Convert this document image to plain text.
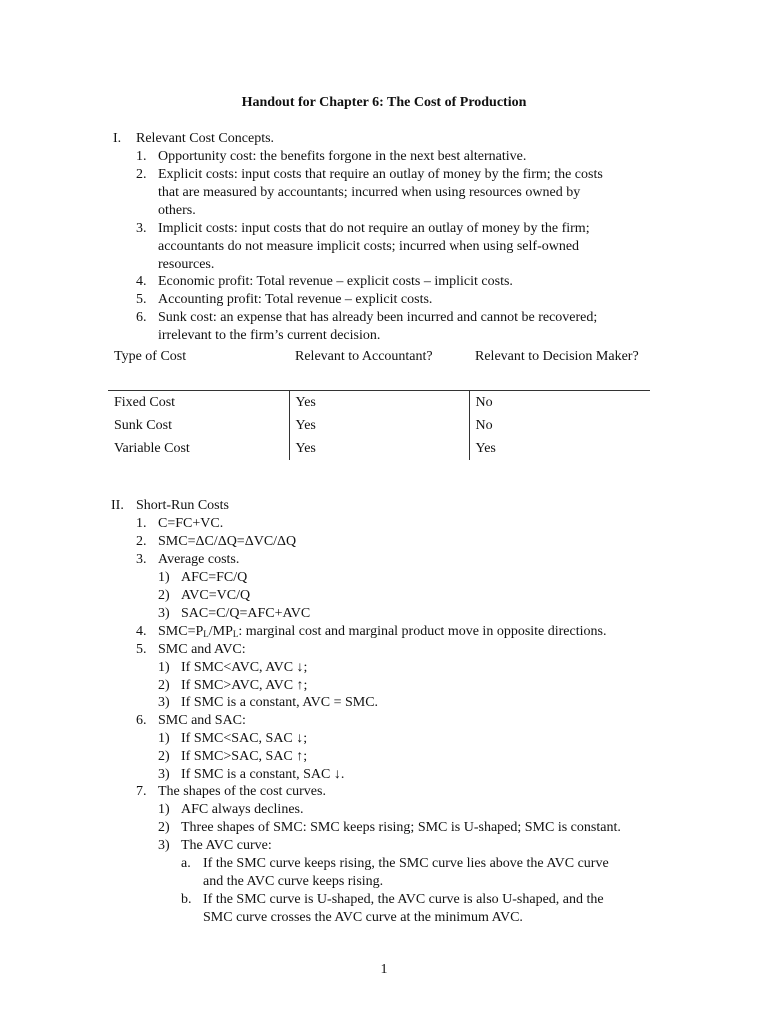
Handout for Chapter 6: The Cost of Production
I. Relevant Cost Concepts.
1. Opportunity cost: the benefits forgone in the next best alternative.
2. Explicit costs: input costs that require an outlay of money by the firm; the costs
that are measured by accountants; incurred when using resources owned by
others.
3. Implicit costs: input costs that do not require an outlay of money by the firm;
accountants do not measure implicit costs; incurred when using self-owned
resources.
4. Economic profit: Total revenue – explicit costs – implicit costs.
5. Accounting profit: Total revenue – explicit costs.
6. Sunk cost: an expense that has already been incurred and cannot be recovered;
irrelevant to the firm’s current decision.
Type of Cost	Relevant to Accountant?	Relevant to Decision Maker?
Fixed Cost	Yes	No
Sunk Cost	Yes	No
Variable Cost	Yes	Yes
II. Short-Run Costs
1. C=FC+VC.
2. SMC=ΔC/ΔQ=ΔVC/ΔQ
3. Average costs.
1) AFC=FC/Q
2) AVC=VC/Q
3) SAC=C/Q=AFC+AVC
4. $SMC=P_L/MP_L$: marginal cost and marginal product move in opposite directions.
5. SMC and AVC:
1) If SMC<AVC, AVC ↓;
2) If SMC>AVC, AVC ↑;
3) If SMC is a constant, AVC = SMC.
6. SMC and SAC:
1) If SMC<SAC, SAC ↓;
2) If SMC>SAC, SAC ↑;
3) If SMC is a constant, SAC ↓.
7. The shapes of the cost curves.
1) AFC always declines.
2) Three shapes of SMC: SMC keeps rising; SMC is U-shaped; SMC is constant.
3) The AVC curve:
a. If the SMC curve keeps rising, the SMC curve lies above the AVC curve
and the AVC curve keeps rising.
b. If the SMC curve is U-shaped, the AVC curve is also U-shaped, and the
SMC curve crosses the AVC curve at the minimum AVC.
1
